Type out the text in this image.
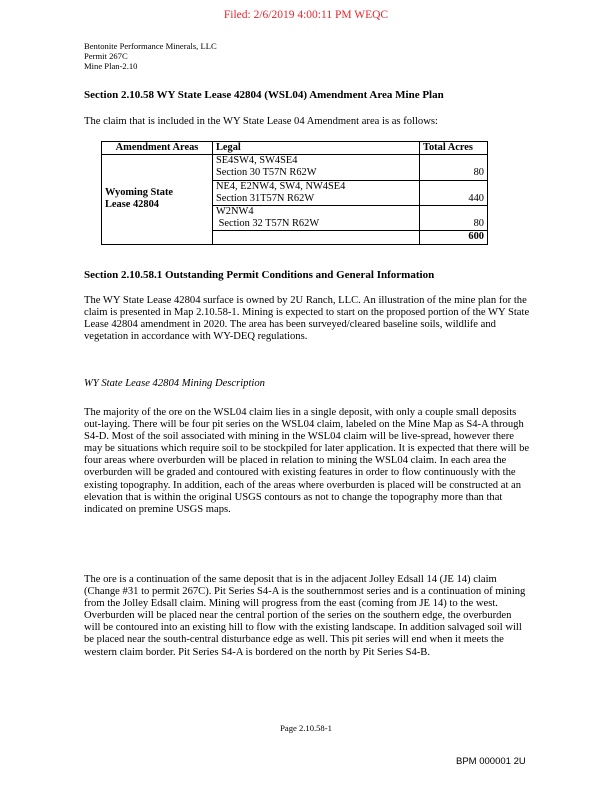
Filed: 2/6/2019 4:00:11 PM WEQC
Bentonite Performance Minerals, LLC
Permit 267C
Mine Plan-2.10
Section 2.10.58 WY State Lease 42804 (WSL04) Amendment Area Mine Plan
The claim that is included in the WY State Lease 04 Amendment area is as follows:
Amendment Areas	Legal	Total Acres

Wyoming State
Lease 42804	SE4SW4, SW4SE4	
	Section 30 T57N R62W	80
	NE4, E2NW4, SW4, NW4SE4	
	Section 31T57N R62W	440
	W2NW4	
	Section 32 T57N R62W	80
		600
Section 2.10.58.1 Outstanding Permit Conditions and General Information
The WY State Lease 42804 surface is owned by 2U Ranch, LLC. An illustration of the mine plan for the claim is presented in Map 2.10.58-1. Mining is expected to start on the proposed portion of the WY State Lease 42804 amendment in 2020. The area has been surveyed/cleared baseline soils, wildlife and vegetation in accordance with WY-DEQ regulations.
WY State Lease 42804 Mining Description
The majority of the ore on the WSL04 claim lies in a single deposit, with only a couple small deposits out-laying. There will be four pit series on the WSL04 claim, labeled on the Mine Map as S4-A through S4-D. Most of the soil associated with mining in the WSL04 claim will be live-spread, however there may be situations which require soil to be stockpiled for later application. It is expected that there will be four areas where overburden will be placed in relation to mining the WSL04 claim. In each area the overburden will be graded and contoured with existing features in order to flow continuously with the existing topography. In addition, each of the areas where overburden is placed will be constructed at an elevation that is within the original USGS contours as not to change the topography more than that indicated on premine USGS maps.
The ore is a continuation of the same deposit that is in the adjacent Jolley Edsall 14 (JE 14) claim (Change #31 to permit 267C). Pit Series S4-A is the southernmost series and is a continuation of mining from the Jolley Edsall claim. Mining will progress from the east (coming from JE 14) to the west. Overburden will be placed near the central portion of the series on the southern edge, the overburden will be contoured into an existing hill to flow with the existing landscape. In addition salvaged soil will be placed near the south-central disturbance edge as well. This pit series will end when it meets the western claim border. Pit Series S4-A is bordered on the north by Pit Series S4-B.
Page 2.10.58-1
BPM 000001 2U
